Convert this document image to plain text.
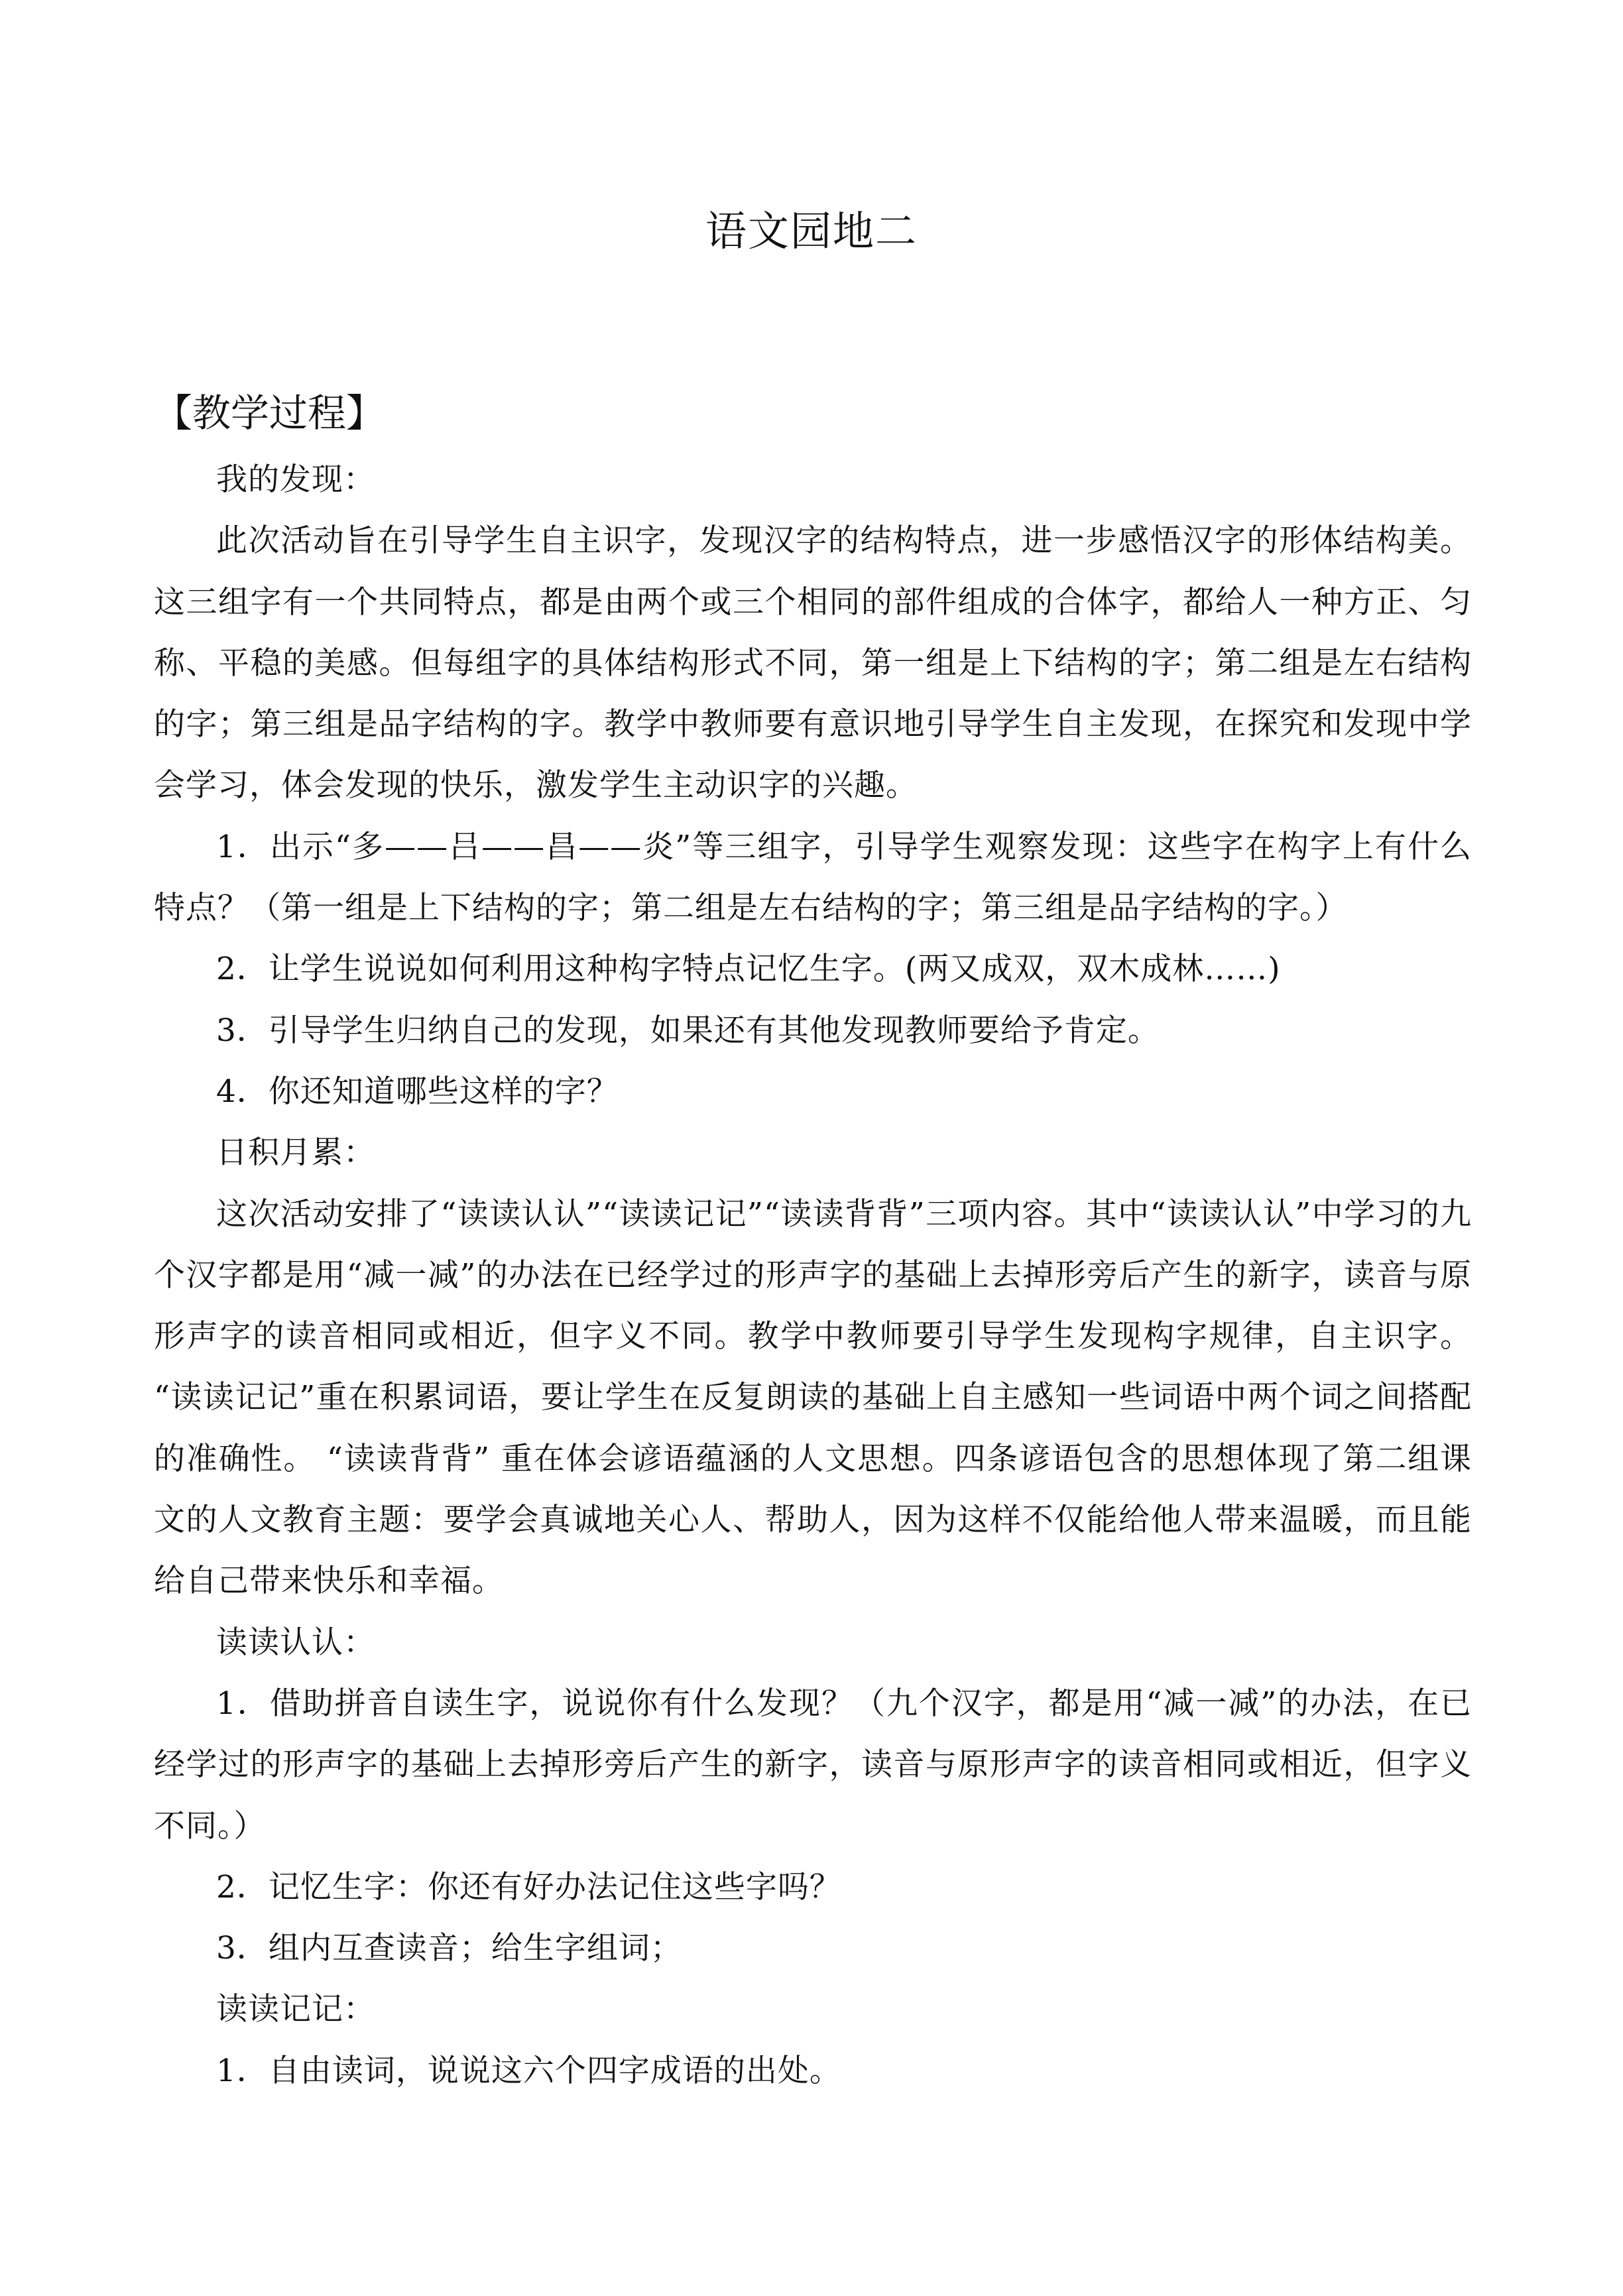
语文园地二
【教学过程】

我的发现：

此次活动旨在引导学生自主识字，发现汉字的结构特点，进一步感悟汉字的形体结构美。这三组字有一个共同特点，都是由两个或三个相同的部件组成的合体字，都给人一种方正、匀称、平稳的美感。但每组字的具体结构形式不同，第一组是上下结构的字；第二组是左右结构的字；第三组是品字结构的字。教学中教师要有意识地引导学生自主发现，在探究和发现中学会学习，体会发现的快乐，激发学生主动识字的兴趣。

1．出示“多——吕——昌——炎”等三组字，引导学生观察发现：这些字在构字上有什么特点？（第一组是上下结构的字；第二组是左右结构的字；第三组是品字结构的字。）

2．让学生说说如何利用这种构字特点记忆生字。(两又成双，双木成林……)

3．引导学生归纳自己的发现，如果还有其他发现教师要给予肯定。

4．你还知道哪些这样的字？

日积月累：

这次活动安排了“读读认认”“读读记记”“读读背背”三项内容。其中“读读认认”中学习的九个汉字都是用“减一减”的办法在已经学过的形声字的基础上去掉形旁后产生的新字，读音与原形声字的读音相同或相近，但字义不同。教学中教师要引导学生发现构字规律，自主识字。 “读读记记”重在积累词语，要让学生在反复朗读的基础上自主感知一些词语中两个词之间搭配的准确性。 “读读背背” 重在体会谚语蕴涵的人文思想。四条谚语包含的思想体现了第二组课文的人文教育主题：要学会真诚地关心人、帮助人，因为这样不仅能给他人带来温暖，而且能给自己带来快乐和幸福。

读读认认：

1．借助拼音自读生字，说说你有什么发现？（九个汉字，都是用“减一减”的办法，在已经学过的形声字的基础上去掉形旁后产生的新字，读音与原形声字的读音相同或相近，但字义不同。）

2．记忆生字：你还有好办法记住这些字吗？

3．组内互查读音；给生字组词；

读读记记：

1．自由读词，说说这六个四字成语的出处。
